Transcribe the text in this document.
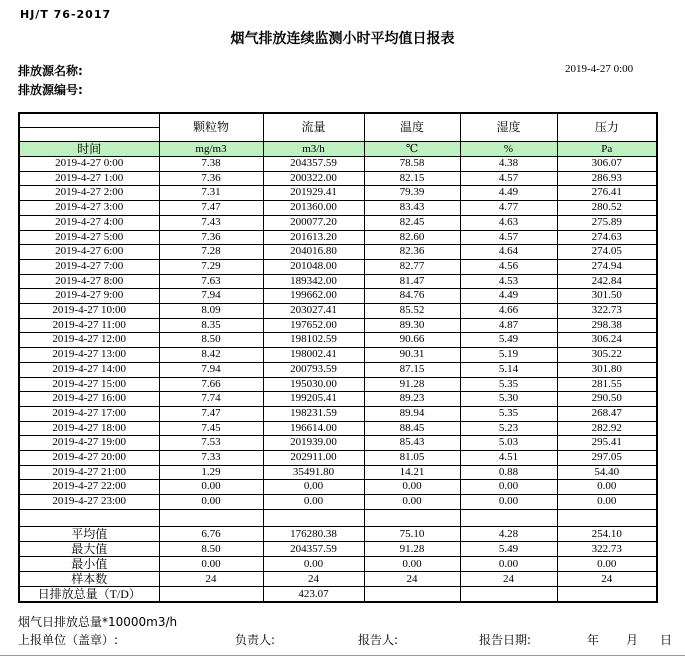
HJ/T 76-2017
烟气排放连续监测小时平均值日报表
排放源名称:
排放源编号:
2019-4-27 0:00
	颗粒物	流量	温度	湿度	压力

时间	mg/m3	m3/h	℃	%	Pa
2019-4-27 0:00	7.38	204357.59	78.58	4.38	306.07
2019-4-27 1:00	7.36	200322.00	82.15	4.57	286.93
2019-4-27 2:00	7.31	201929.41	79.39	4.49	276.41
2019-4-27 3:00	7.47	201360.00	83.43	4.77	280.52
2019-4-27 4:00	7.43	200077.20	82.45	4.63	275.89
2019-4-27 5:00	7.36	201613.20	82.60	4.57	274.63
2019-4-27 6:00	7.28	204016.80	82.36	4.64	274.05
2019-4-27 7:00	7.29	201048.00	82.77	4.56	274.94
2019-4-27 8:00	7.63	189342.00	81.47	4.53	242.84
2019-4-27 9:00	7.94	199662.00	84.76	4.49	301.50
2019-4-27 10:00	8.09	203027.41	85.52	4.66	322.73
2019-4-27 11:00	8.35	197652.00	89.30	4.87	298.38
2019-4-27 12:00	8.50	198102.59	90.66	5.49	306.24
2019-4-27 13:00	8.42	198002.41	90.31	5.19	305.22
2019-4-27 14:00	7.94	200793.59	87.15	5.14	301.80
2019-4-27 15:00	7.66	195030.00	91.28	5.35	281.55
2019-4-27 16:00	7.74	199205.41	89.23	5.30	290.50
2019-4-27 17:00	7.47	198231.59	89.94	5.35	268.47
2019-4-27 18:00	7.45	196614.00	88.45	5.23	282.92
2019-4-27 19:00	7.53	201939.00	85.43	5.03	295.41
2019-4-27 20:00	7.33	202911.00	81.05	4.51	297.05
2019-4-27 21:00	1.29	35491.80	14.21	0.88	54.40
2019-4-27 22:00	0.00	0.00	0.00	0.00	0.00
2019-4-27 23:00	0.00	0.00	0.00	0.00	0.00

平均值	6.76	176280.38	75.10	4.28	254.10
最大值	8.50	204357.59	91.28	5.49	322.73
最小值	0.00	0.00	0.00	0.00	0.00
样本数	24	24	24	24	24
日排放总量（T/D）		423.07			
烟气日排放总量*10000m3/h
上报单位（盖章）:	负责人:	报告人:	报告日期:	年 月 日
